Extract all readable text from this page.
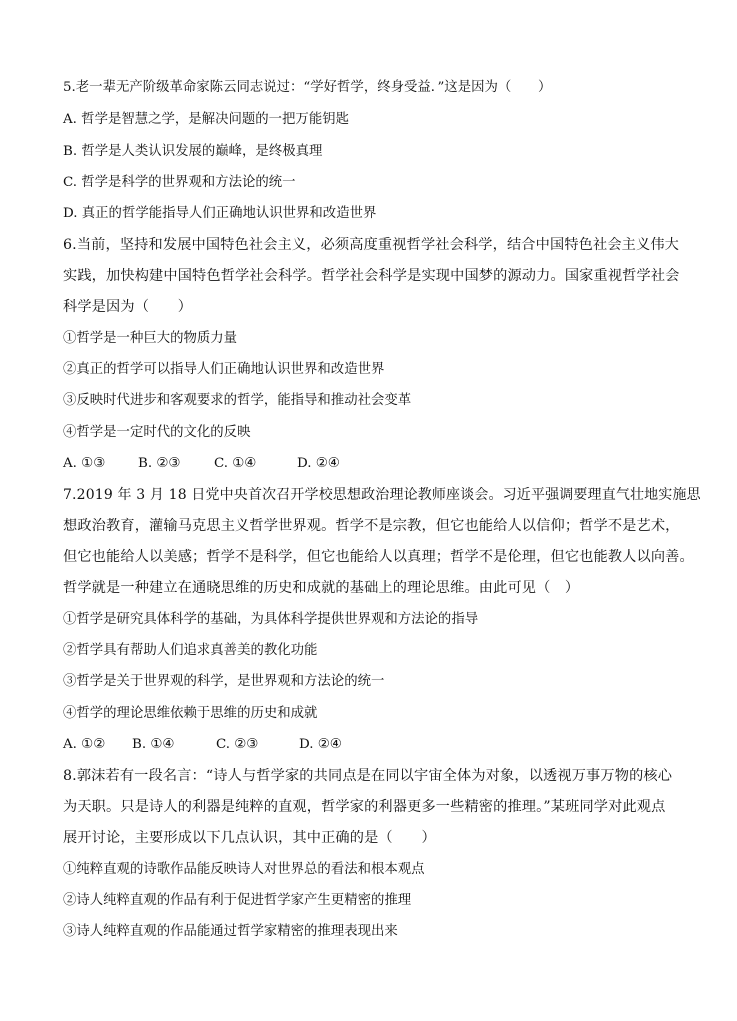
5.老一辈无产阶级革命家陈云同志说过：“学好哲学，终身受益．”这是因为（　　）
A. 哲学是智慧之学，是解决问题的一把万能钥匙
B. 哲学是人类认识发展的巅峰，是终极真理
C. 哲学是科学的世界观和方法论的统一
D. 真正的哲学能指导人们正确地认识世界和改造世界
6.当前，坚持和发展中国特色社会主义，必须高度重视哲学社会科学，结合中国特色社会主义伟大
实践，加快构建中国特色哲学社会科学。哲学社会科学是实现中国梦的源动力。国家重视哲学社会
科学是因为（　　）
①哲学是一种巨大的物质力量
②真正的哲学可以指导人们正确地认识世界和改造世界
③反映时代进步和客观要求的哲学，能指导和推动社会变革
④哲学是一定时代的文化的反映
A. ①③ B. ②③	C. ①④	D. ②④
7.2019 年 3 月 18 日党中央首次召开学校思想政治理论教师座谈会。习近平强调要理直气壮地实施思
想政治教育，灌输马克思主义哲学世界观。哲学不是宗教，但它也能给人以信仰；哲学不是艺术，
但它也能给人以美感；哲学不是科学，但它也能给人以真理；哲学不是伦理，但它也能教人以向善。
哲学就是一种建立在通晓思维的历史和成就的基础上的理论思维。由此可见（　）
①哲学是研究具体科学的基础，为具体科学提供世界观和方法论的指导
②哲学具有帮助人们追求真善美的教化功能
③哲学是关于世界观的科学，是世界观和方法论的统一
④哲学的理论思维依赖于思维的历史和成就
A. ①② B. ①④	C. ②③	D. ②④
8.郭沫若有一段名言：“诗人与哲学家的共同点是在同以宇宙全体为对象，以透视万事万物的核心
为天职。只是诗人的利器是纯粹的直观，哲学家的利器更多一些精密的推理。”某班同学对此观点
展开讨论，主要形成以下几点认识，其中正确的是（　　）
①纯粹直观的诗歌作品能反映诗人对世界总的看法和根本观点
②诗人纯粹直观的作品有利于促进哲学家产生更精密的推理
③诗人纯粹直观的作品能通过哲学家精密的推理表现出来
